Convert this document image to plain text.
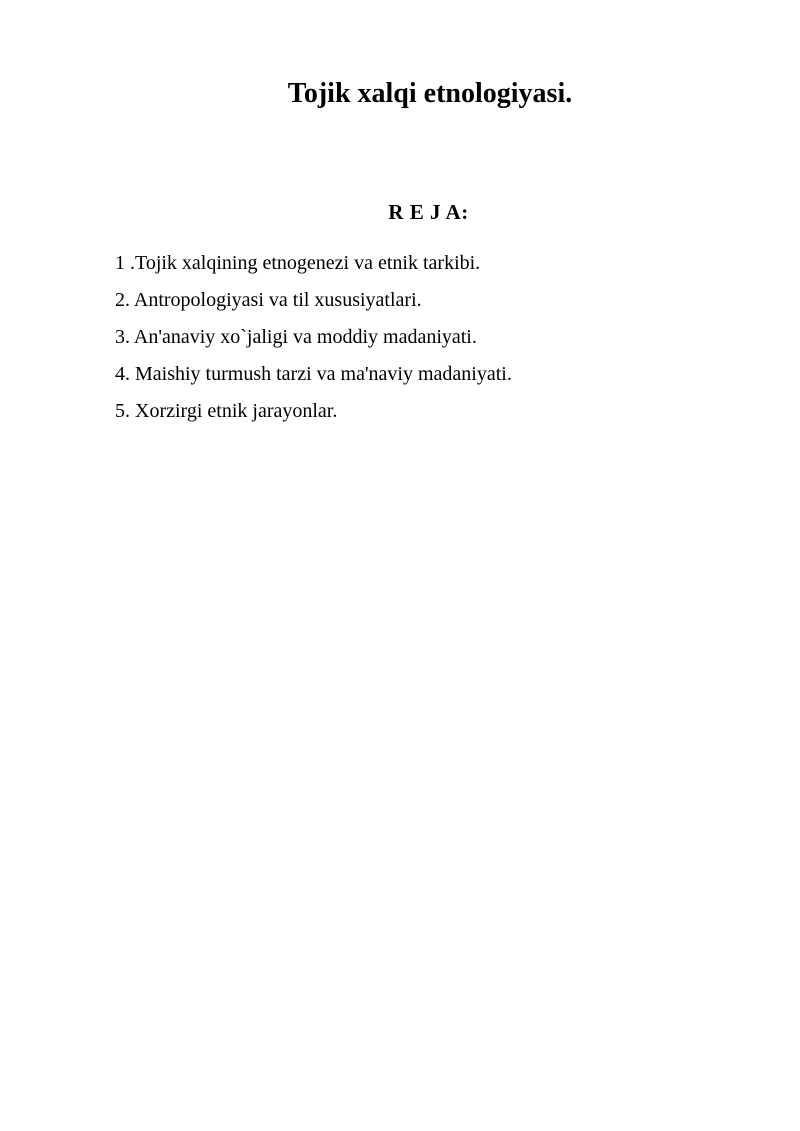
Tojik xalqi etnologiyasi.
R E J A:
1 .Tojik xalqining etnogenezi va etnik tarkibi.
2. Antropologiyasi va til xususiyatlari.
3. An'anaviy xo`jaligi va moddiy madaniyati.
4. Maishiy turmush tarzi va ma'naviy madaniyati.
5. Xorzirgi etnik jarayonlar.
